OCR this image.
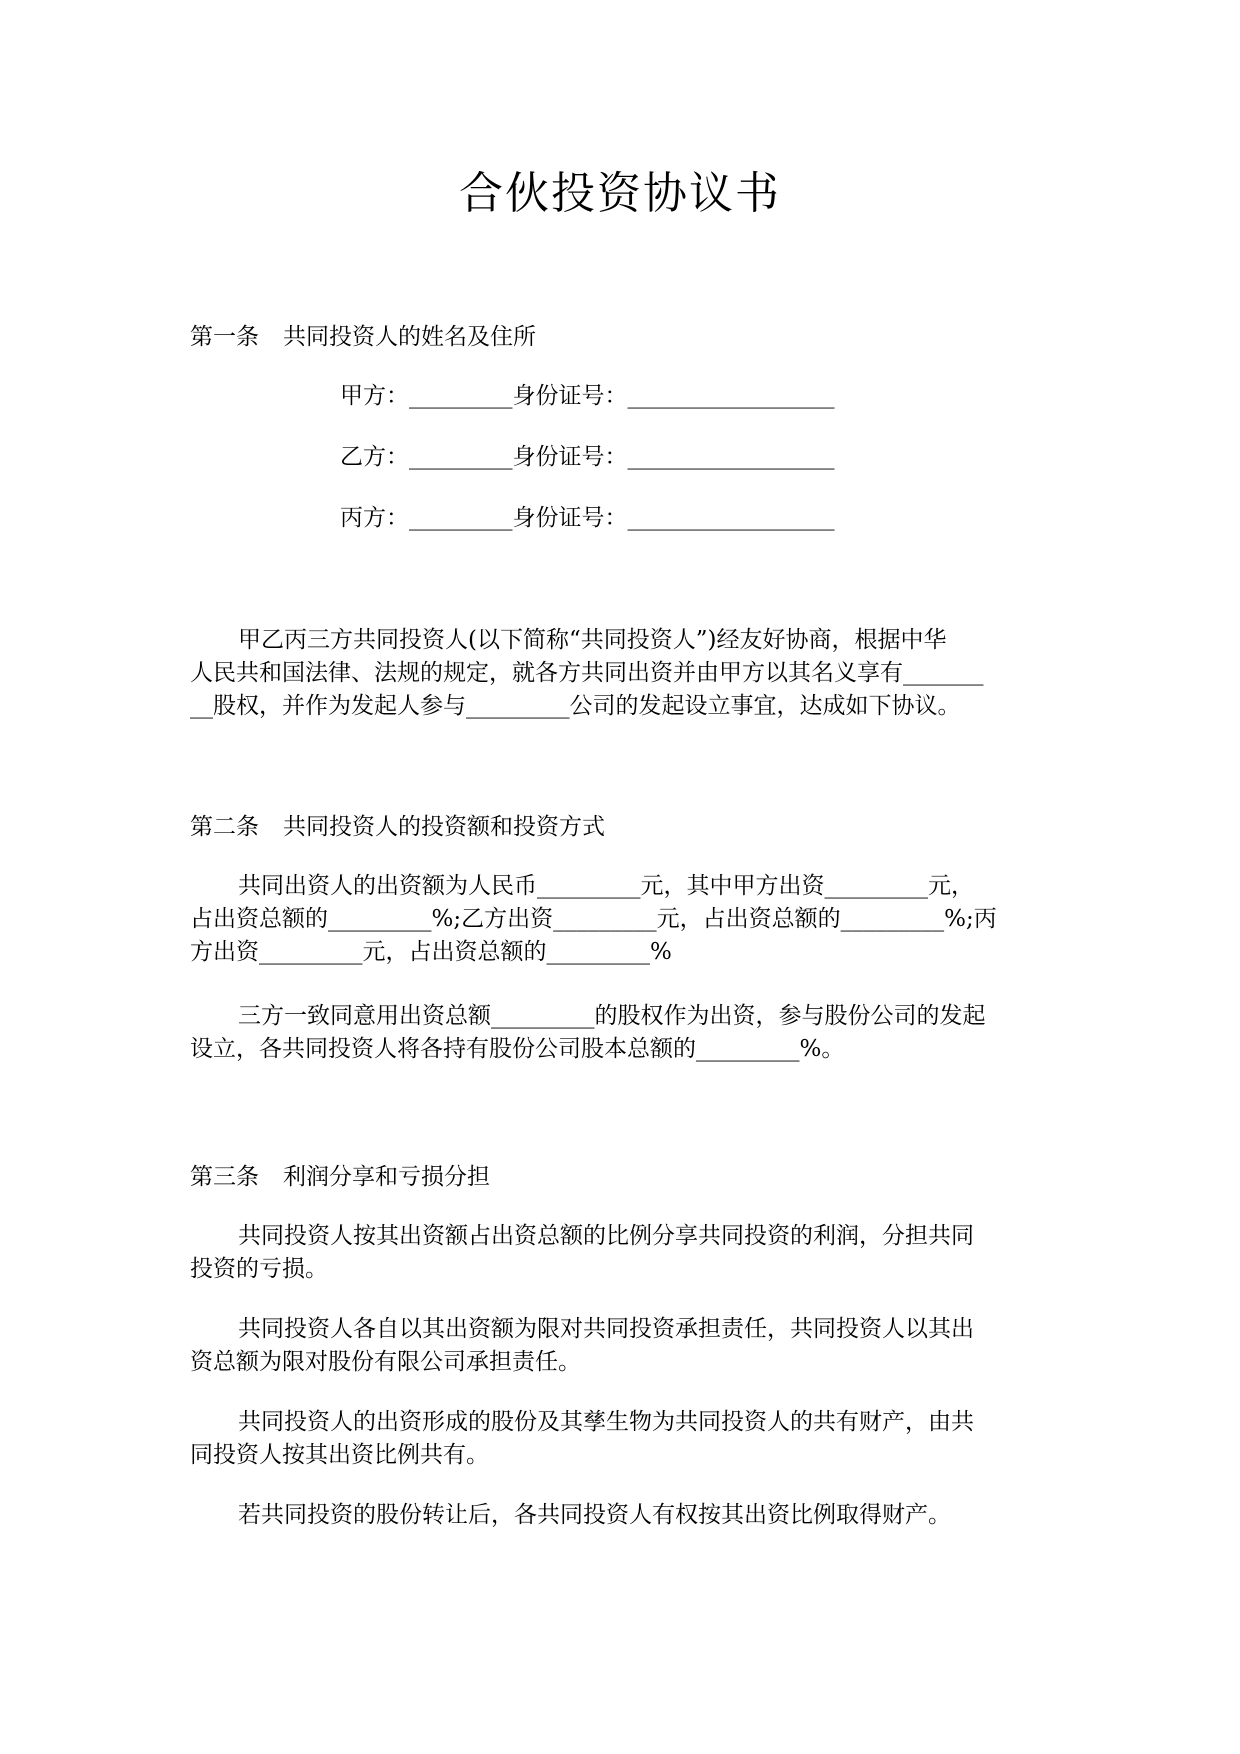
合伙投资协议书
第一条 共同投资人的姓名及住所
甲方：_________身份证号：__________________
乙方：_________身份证号：__________________
丙方：_________身份证号：__________________
甲乙丙三方共同投资人(以下简称“共同投资人”)经友好协商，根据中华
人民共和国法律、法规的规定，就各方共同出资并由甲方以其名义享有_______
__股权，并作为发起人参与_________公司的发起设立事宜，达成如下协议。
第二条 共同投资人的投资额和投资方式
共同出资人的出资额为人民币_________元，其中甲方出资_________元，
占出资总额的_________%;乙方出资_________元，占出资总额的_________%;丙
方出资_________元，占出资总额的_________%
三方一致同意用出资总额_________的股权作为出资，参与股份公司的发起
设立，各共同投资人将各持有股份公司股本总额的_________%。
第三条 利润分享和亏损分担
共同投资人按其出资额占出资总额的比例分享共同投资的利润，分担共同
投资的亏损。
共同投资人各自以其出资额为限对共同投资承担责任，共同投资人以其出
资总额为限对股份有限公司承担责任。
共同投资人的出资形成的股份及其孳生物为共同投资人的共有财产，由共
同投资人按其出资比例共有。
若共同投资的股份转让后，各共同投资人有权按其出资比例取得财产。
